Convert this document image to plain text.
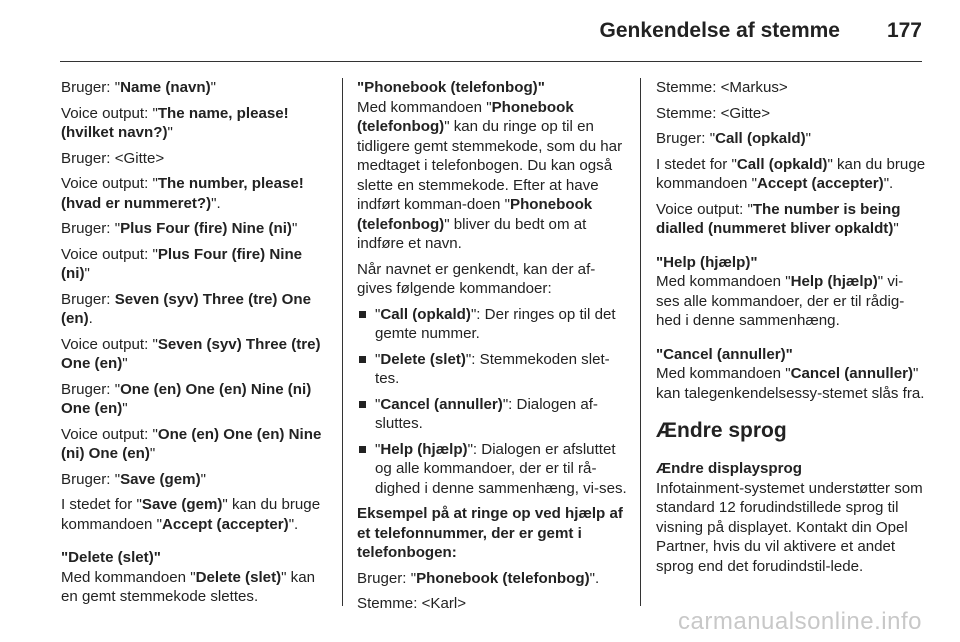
Genkendelse af stemme 177

Bruger: "Name (navn)"

Voice output: "The name, please! (hvilket navn?)"

Bruger: <Gitte>

Voice output: "The number, please! (hvad er nummeret?)".

Bruger: "Plus Four (fire) Nine (ni)"

Voice output: "Plus Four (fire) Nine (ni)"

Bruger: Seven (syv) Three (tre) One (en).

Voice output: "Seven (syv) Three (tre) One (en)"

Bruger: "One (en) One (en) Nine (ni) One (en)"

Voice output: "One (en) One (en) Nine (ni) One (en)"

Bruger: "Save (gem)"

I stedet for "Save (gem)" kan du bruge kommandoen "Accept (accepter)".

"Delete (slet)"
Med kommandoen "Delete (slet)" kan en gemt stemmekode slettes.
"Phonebook (telefonbog)"

Med kommandoen "Phonebook (telefonbog)" kan du ringe op til en tidligere gemt stemmekode, som du har medtaget i telefonbogen. Du kan også slette en stemmekode. Efter at have indført komman-doen "Phonebook (telefonbog)" bliver du bedt om at indføre et navn.

Når navnet er genkendt, kan der af-gives følgende kommandoer:

"Call (opkald)": Der ringes op til det gemte nummer.
"Delete (slet)": Stemmekoden slet-tes.
"Cancel (annuller)": Dialogen af-sluttes.
"Help (hjælp)": Dialogen er afsluttet og alle kommandoer, der er til rå-dighed i denne sammenhæng, vi-ses.

Eksempel på at ringe op ved hjælp af et telefonnummer, der er gemt i telefonbogen:

Bruger: "Phonebook (telefonbog)".

Stemme: <Karl>

Stemme: <Markus>

Stemme: <Gitte>

Bruger: "Call (opkald)"

I stedet for "Call (opkald)" kan du bruge kommandoen "Accept (accepter)".

Voice output: "The number is being dialled (nummeret bliver opkaldt)"

"Help (hjælp)"
Med kommandoen "Help (hjælp)" vi-ses alle kommandoer, der er til rådig-hed i denne sammenhæng.
"Cancel (annuller)"
Med kommandoen "Cancel (annuller)" kan talegenkendelsessy-stemet slås fra.
Ændre sprog
Ændre displaysprog
Infotainment-systemet understøtter som standard 12 forudindstillede sprog til visning på displayet. Kontakt din Opel Partner, hvis du vil aktivere et andet sprog end det forudindstil-lede.
carmanualsonline.info
